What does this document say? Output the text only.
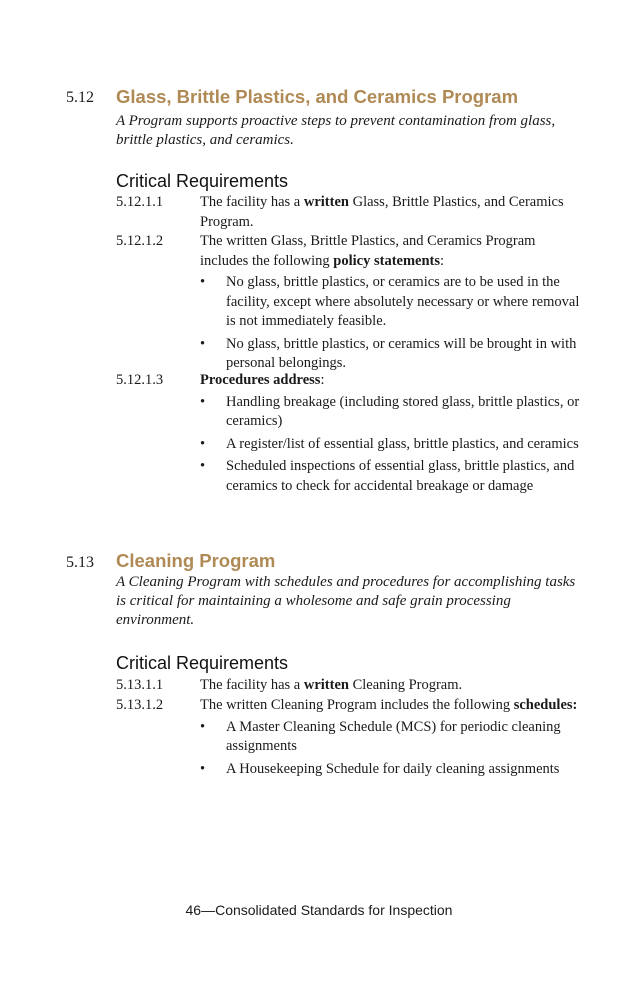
5.12 Glass, Brittle Plastics, and Ceramics Program
A Program supports proactive steps to prevent contamination from glass, brittle plastics, and ceramics.
Critical Requirements
5.12.1.1	The facility has a written Glass, Brittle Plastics, and Ceramics Program.
5.12.1.2	The written Glass, Brittle Plastics, and Ceramics Program includes the following policy statements:
• No glass, brittle plastics, or ceramics are to be used in the facility, except where absolutely necessary or where removal is not immediately feasible.
• No glass, brittle plastics, or ceramics will be brought in with personal belongings.
5.12.1.3	Procedures address:
• Handling breakage (including stored glass, brittle plastics, or ceramics)
• A register/list of essential glass, brittle plastics, and ceramics
• Scheduled inspections of essential glass, brittle plastics, and ceramics to check for accidental breakage or damage
5.13 Cleaning Program
A Cleaning Program with schedules and procedures for accomplishing tasks is critical for maintaining a wholesome and safe grain processing environment.
Critical Requirements
5.13.1.1	The facility has a written Cleaning Program.
5.13.1.2	The written Cleaning Program includes the following schedules:
• A Master Cleaning Schedule (MCS) for periodic cleaning assignments
• A Housekeeping Schedule for daily cleaning assignments
46—Consolidated Standards for Inspection
